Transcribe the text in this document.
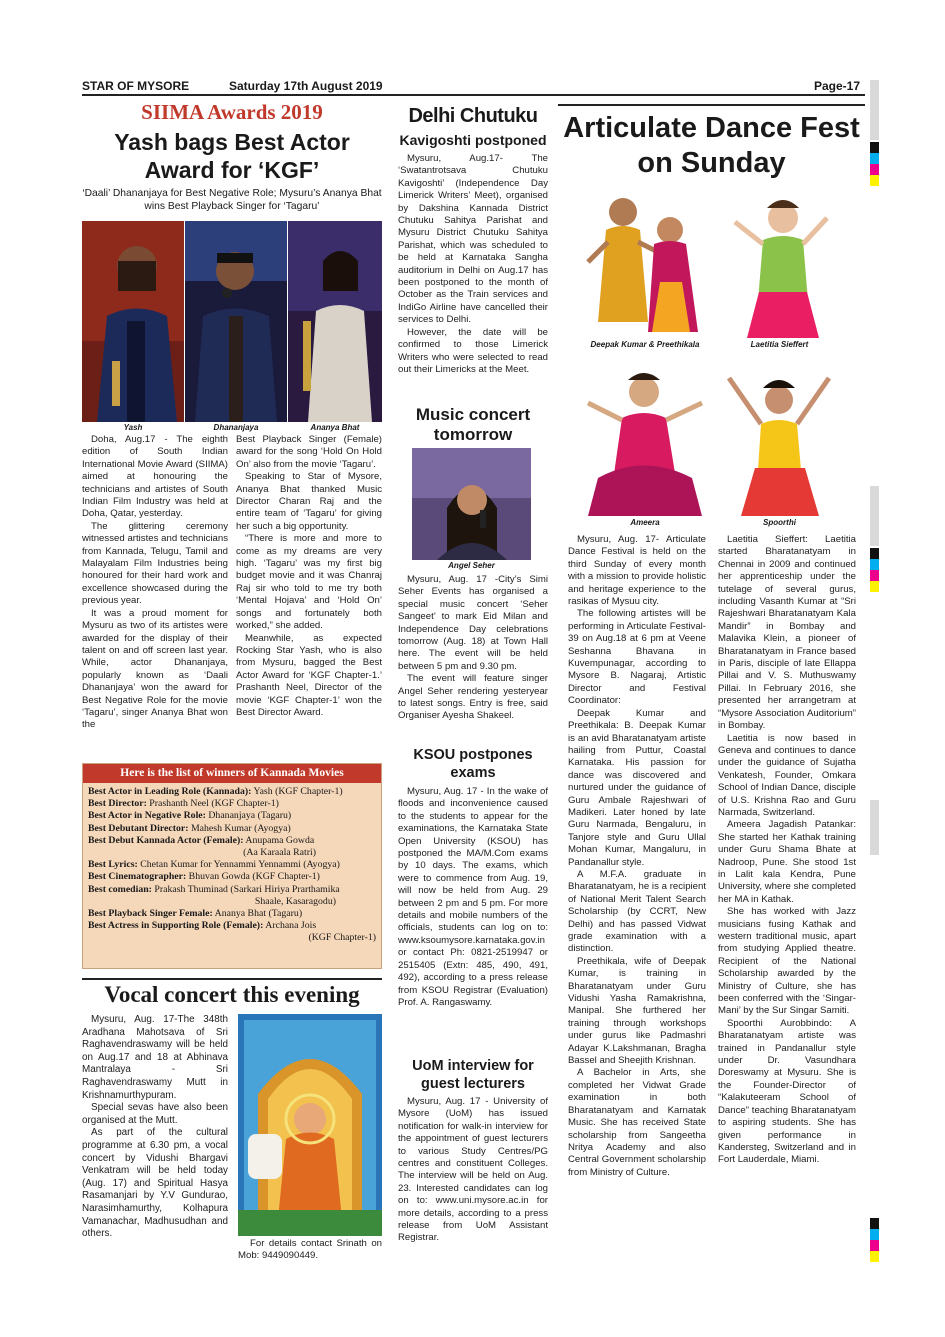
STAR OF MYSORE	Saturday 17th August 2019	Page-17
SIIMA Awards 2019
Yash bags Best Actor Award for ‘KGF’
‘Daali’ Dhananjaya for Best Negative Role; Mysuru’s Ananya Bhat wins Best Playback Singer for ‘Tagaru’
Yash	Dhananjaya	Ananya Bhat

Doha, Aug.17 - The eighth edition of South Indian International Movie Award (SIIMA) aimed at honouring the technicians and artistes of South Indian Film Industry was held at Doha, Qatar, yesterday.

The glittering ceremony witnessed artistes and technicians from Kannada, Telugu, Tamil and Malayalam Film Industries being honoured for their hard work and excellence showcased during the previous year.

It was a proud moment for Mysuru as two of its artistes were awarded for the display of their talent on and off screen last year. While, actor Dhananjaya, popularly known as ‘Daali Dhananjaya’ won the award for Best Negative Role for the movie ‘Tagaru’, singer Ananya Bhat won the

Best Playback Singer (Female) award for the song ‘Hold On Hold On’ also from the movie ‘Tagaru’.

Speaking to Star of Mysore, Ananya Bhat thanked Music Director Charan Raj and the entire team of ‘Tagaru’ for giving her such a big opportunity.

“There is more and more to come as my dreams are very high. ‘Tagaru’ was my first big budget movie and it was Chanraj Raj sir who told to me try both ‘Mental Hojava’ and ‘Hold On’ songs and fortunately both worked,” she added.

Meanwhile, as expected Rocking Star Yash, who is also from Mysuru, bagged the Best Actor Award for ‘KGF Chapter-1.’ Prashanth Neel, Director of the movie ‘KGF Chapter-1’ won the Best Director Award.

Here is the list of winners of Kannada Movies
Best Actor in Leading Role (Kannada): Yash (KGF Chapter-1)
Best Director: Prashanth Neel (KGF Chapter-1)
Best Actor in Negative Role: Dhananjaya (Tagaru)
Best Debutant Director: Mahesh Kumar (Ayogya)
Best Debut Kannada Actor (Female): Anupama Gowda
(Aa Karaala Ratri)
Best Lyrics: Chetan Kumar for Yennammi Yennammi (Ayogya)
Best Cinematographer: Bhuvan Gowda (KGF Chapter-1)
Best comedian: Prakash Thuminad (Sarkari Hiriya Prarthamika
Shaale, Kasaragodu)
Best Playback Singer Female: Ananya Bhat (Tagaru)
Best Actress in Supporting Role (Female): Archana Jois
(KGF Chapter-1)
Vocal concert this evening

Mysuru, Aug. 17-The 348th Aradhana Mahotsava of Sri Raghavendraswamy will be held on Aug.17 and 18 at Abhinava Mantralaya - Sri Raghavendraswamy Mutt in Krishnamurthypuram.

Special sevas have also been organised at the Mutt.

As part of the cultural programme at 6.30 pm, a vocal concert by Vidushi Bhargavi Venkatram will be held today (Aug. 17) and Spiritual Hasya Rasamanjari by Y.V Gundurao, Narasimhamurthy, Kolhapura Vamanachar, Madhusudhan and others.

For details contact Srinath on Mob: 9449090449.
Delhi Chutuku
Kavigoshti postponed

Mysuru, Aug.17- The ‘Swatantrotsava Chutuku Kavigoshti’ (Independence Day Limerick Writers’ Meet), organised by Dakshina Kannada District Chutuku Sahitya Parishat and Mysuru District Chutuku Sahitya Parishat, which was scheduled to be held at Karnataka Sangha auditorium in Delhi on Aug.17 has been postponed to the month of October as the Train services and IndiGo Airline have cancelled their services to Delhi.

However, the date will be confirmed to those Limerick Writers who were selected to read out their Limericks at the Meet.

Music concert tomorrow
Angel Seher

Mysuru, Aug. 17 -City’s Simi Seher Events has organised a special music concert ‘Seher Sangeet’ to mark Eid Milan and Independence Day celebrations tomorrow (Aug. 18) at Town Hall here. The event will be held between 5 pm and 9.30 pm.

The event will feature singer Angel Seher rendering yesteryear to latest songs. Entry is free, said Organiser Ayesha Shakeel.

KSOU postpones exams

Mysuru, Aug. 17 - In the wake of floods and inconvenience caused to the students to appear for the examinations, the Karnataka State Open University (KSOU) has postponed the MA/M.Com exams by 10 days. The exams, which were to commence from Aug. 19, will now be held from Aug. 29 between 2 pm and 5 pm. For more details and mobile numbers of the officials, students can log on to: www.ksoumysore.karnataka.gov.in or contact Ph: 0821-2519947 or 2515405 (Extn: 485, 490, 491, 492), according to a press release from KSOU Registrar (Evaluation) Prof. A. Rangaswamy.

UoM interview for guest lecturers

Mysuru, Aug. 17 - University of Mysore (UoM) has issued notification for walk-in interview for the appointment of guest lecturers to various Study Centres/PG centres and constituent Colleges. The interview will be held on Aug. 23. Interested candidates can log on to: www.uni.mysore.ac.in for more details, according to a press release from UoM Assistant Registrar.

Articulate Dance Fest on Sunday
Deepak Kumar & Preethikala	Laetitia Sieffert
Ameera	Spoorthi

Mysuru, Aug. 17- Articulate Dance Festival is held on the third Sunday of every month with a mission to provide holistic and heritage experience to the rasikas of Mysuu city.

The following artistes will be performing in Articulate Festival-39 on Aug.18 at 6 pm at Veene Seshanna Bhavana in Kuvempunagar, according to Mysore B. Nagaraj, Artistic Director and Festival Coordinator:

Deepak Kumar and Preethikala: B. Deepak Kumar is an avid Bharatanatyam artiste hailing from Puttur, Coastal Karnataka. His passion for dance was discovered and nurtured under the guidance of Guru Ambale Rajeshwari of Madikeri. Later honed by late Guru Narmada, Bengaluru, in Tanjore style and Guru Ullal Mohan Kumar, Mangaluru, in Pandanallur style.

A M.F.A. graduate in Bharatanatyam, he is a recipient of National Merit Talent Search Scholarship (by CCRT, New Delhi) and has passed Vidwat grade examination with a distinction.

Preethikala, wife of Deepak Kumar, is training in Bharatanatyam under Guru Vidushi Yasha Ramakrishna, Manipal. She furthered her training through workshops under gurus like Padmashri Adayar K.Lakshmanan, Bragha Bassel and Sheejith Krishnan.

A Bachelor in Arts, she completed her Vidwat Grade examination in both Bharatanatyam and Karnatak Music. She has received State scholarship from Sangeetha Nritya Academy and also Central Government scholarship from Ministry of Culture.

Laetitia Sieffert: Laetitia started Bharatanatyam in Chennai in 2009 and continued her apprenticeship under the tutelage of several gurus, including Vasanth Kumar at “Sri Rajeshwari Bharatanatyam Kala Mandir” in Bombay and Malavika Klein, a pioneer of Bharatanatyam in France based in Paris, disciple of late Ellappa Pillai and V. S. Muthuswamy Pillai. In February 2016, she presented her arrangetram at “Mysore Association Auditorium” in Bombay.

Laetitia is now based in Geneva and continues to dance under the guidance of Sujatha Venkatesh, Founder, Omkara School of Indian Dance, disciple of U.S. Krishna Rao and Guru Narmada, Switzerland.

Ameera Jagadish Patankar: She started her Kathak training under Guru Shama Bhate at Nadroop, Pune. She stood 1st in Lalit kala Kendra, Pune University, where she completed her MA in Kathak.

She has worked with Jazz musicians fusing Kathak and western traditional music, apart from studying Applied theatre. Recipient of the National Scholarship awarded by the Ministry of Culture, she has been conferred with the ‘Singar-Mani’ by the Sur Singar Samiti.

Spoorthi Aurobbindo: A Bharatanatyam artiste was trained in Pandanallur style under Dr. Vasundhara Doreswamy at Mysuru. She is the Founder-Director of “Kalakuteeram School of Dance” teaching Bharatanatyam to aspiring students. She has given performance in Kandersteg, Switzerland and in Fort Lauderdale, Miami.
